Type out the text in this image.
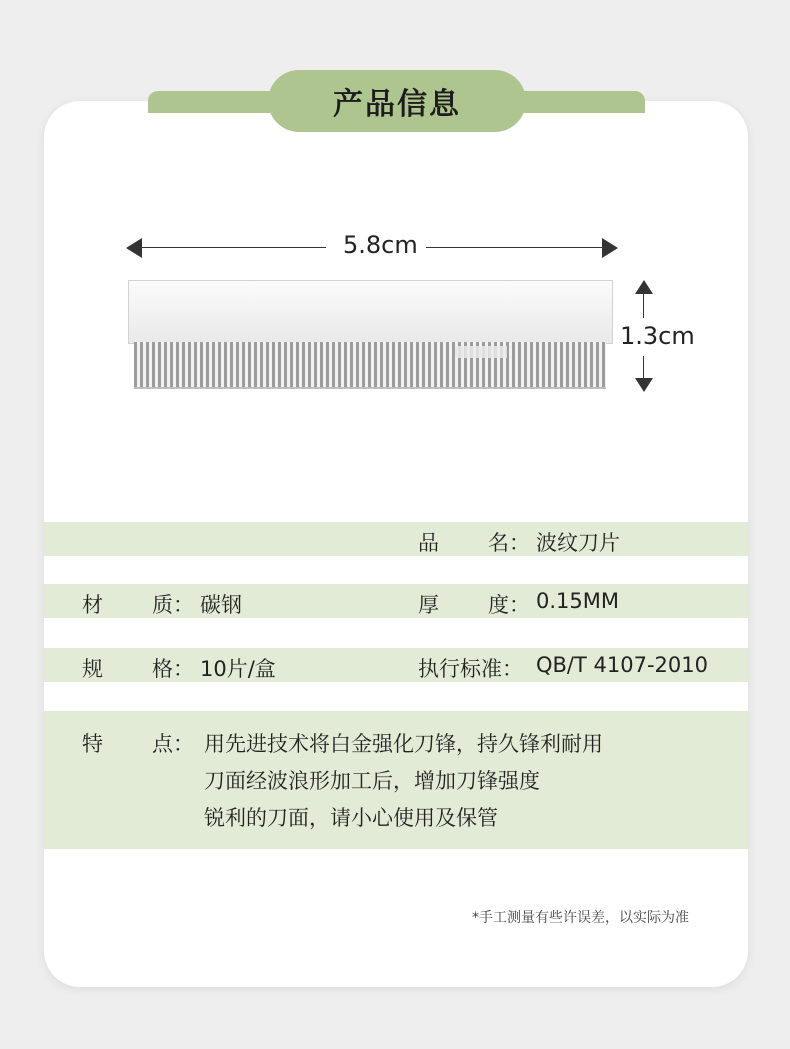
产品信息
5.8cm
1.3cm
品 名： 波纹刀片
材 质： 碳钢	厚 度： 0.15MM
规 格： 10片/盒	执行标准： QB/T 4107-2010
特 点： 用先进技术将白金强化刀锋，持久锋利耐用
刀面经波浪形加工后，增加刀锋强度
锐利的刀面，请小心使用及保管
*手工测量有些许误差，以实际为准
